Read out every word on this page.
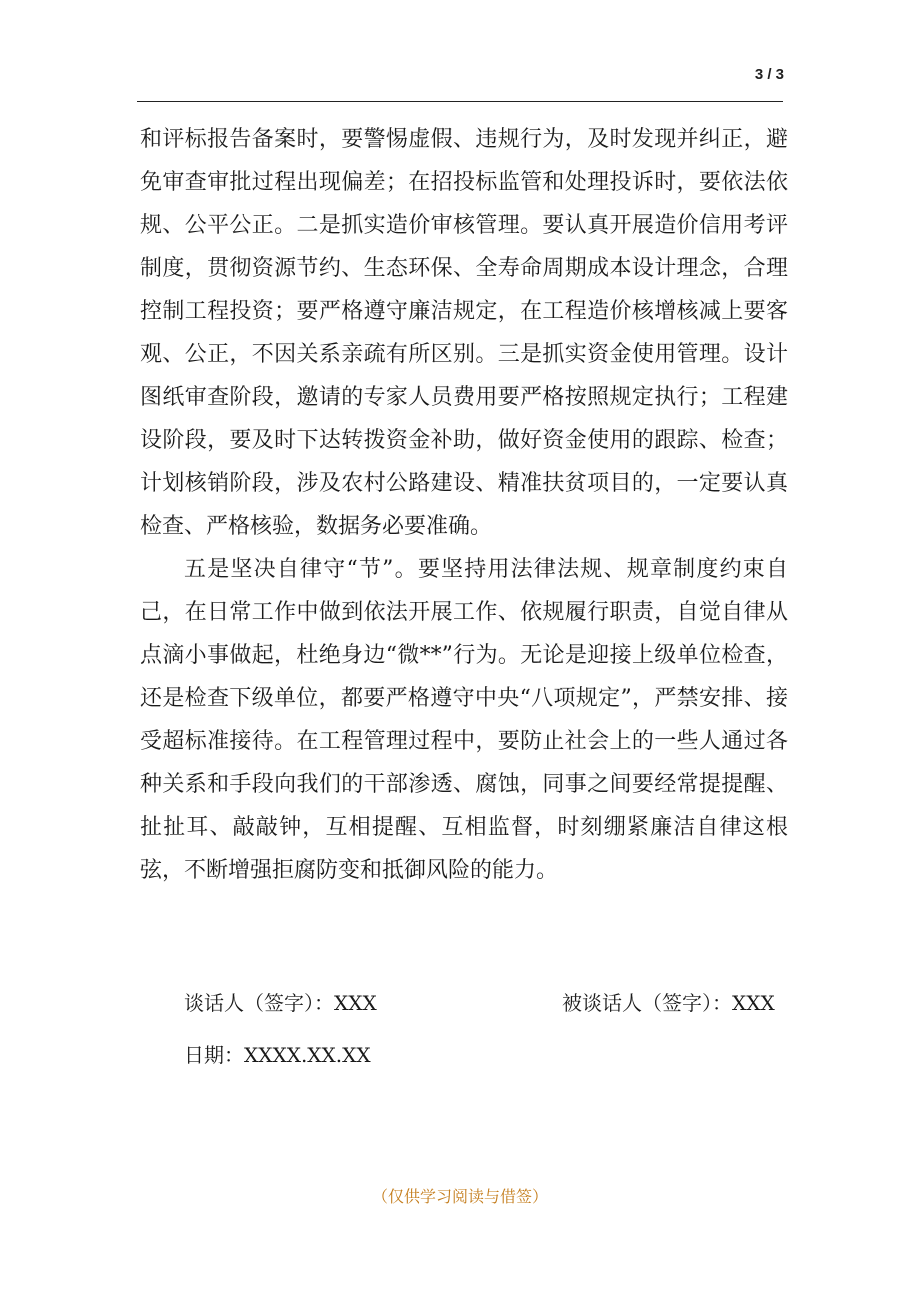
3 / 3

和评标报告备案时，要警惕虚假、违规行为，及时发现并纠正，避免审查审批过程出现偏差；在招投标监管和处理投诉时，要依法依规、公平公正。二是抓实造价审核管理。要认真开展造价信用考评制度，贯彻资源节约、生态环保、全寿命周期成本设计理念，合理控制工程投资；要严格遵守廉洁规定，在工程造价核增核减上要客观、公正，不因关系亲疏有所区别。三是抓实资金使用管理。设计图纸审查阶段，邀请的专家人员费用要严格按照规定执行；工程建设阶段，要及时下达转拨资金补助，做好资金使用的跟踪、检查；计划核销阶段，涉及农村公路建设、精准扶贫项目的，一定要认真检查、严格核验，数据务必要准确。

五是坚决自律守“节”。要坚持用法律法规、规章制度约束自己，在日常工作中做到依法开展工作、依规履行职责，自觉自律从点滴小事做起，杜绝身边“微**”行为。无论是迎接上级单位检查，还是检查下级单位，都要严格遵守中央“八项规定”，严禁安排、接受超标准接待。在工程管理过程中，要防止社会上的一些人通过各种关系和手段向我们的干部渗透、腐蚀，同事之间要经常提提醒、扯扯耳、敲敲钟，互相提醒、互相监督，时刻绷紧廉洁自律这根弦，不断增强拒腐防变和抵御风险的能力。

谈话人（签字）：XXX	被谈话人（签字）：XXX
日期：XXXX.XX.XX
（仅供学习阅读与借签）
